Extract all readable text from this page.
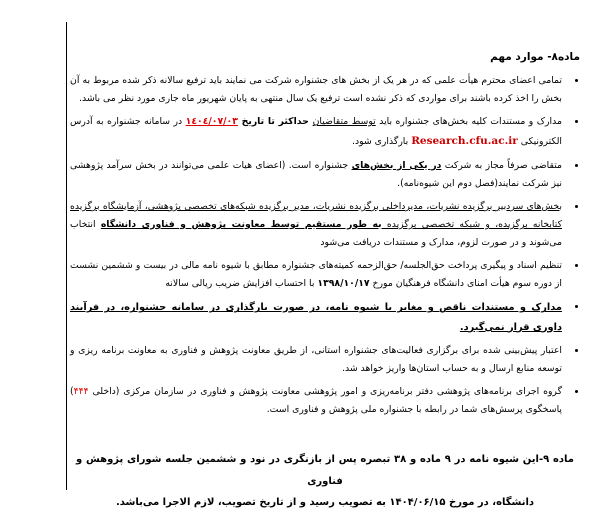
ماده۸- موارد مهم
تمامی اعضای محترم هیأت علمی که در هر یک از بخش های جشنواره شرکت می نمایند باید ترفیع سالانه ذکر شده مربوط به آن بخش را اخذ کرده باشند برای مواردی که ذکر نشده است ترفیع یک سال منتهی به پایان شهریور ماه جاری مورد نظر می باشد.
مدارک و مستندات کلیه بخش‌های جشنواره باید توسط متقاضیان حداکثر تا تاریخ ۱٤۰٤/۰۷/۰۳ در سامانه جشنواره به آدرس الکترونیکی Research.cfu.ac.ir بارگذاری شود.
متقاضی صرفاً مجاز به شرکت در یکی از بخش‌های جشنواره است. (اعضای هیات علمی می‌توانند در بخش سرآمد پژوهشی نیز شرکت نمایند(فصل دوم این شیوه‌نامه).
بخش‌های سردبیر برگزیده نشریات، مدیرداخلی برگزیده نشریات، مدیر برگزیده شبکه‌های تخصصی پژوهشی، آزمایشگاه برگزیده کتابخانه برگزیده، و شبکه تخصصی برگزیده به طور مستقیم توسط معاونت پژوهش و فناوری دانشگاه انتخاب می‌شوند و در صورت لزوم، مدارک و مستندات دریافت می‌شود
تنظیم اسناد و پیگیری پرداخت حق‌الجلسه/ حق‌الزحمه کمیته‌های جشنواره مطابق با شیوه نامه مالی در بیست و ششمین نشست از دوره سوم هیأت امنای دانشگاه فرهنگیان مورخ ۱۳۹۸/۱۰/۱۷ با احتساب افزایش ضریب ریالی سالانه
مدارک و مستندات ناقص و مغایر با شیوه نامه، در صورت بارگذاری در سامانه جشنواره، در فرآیند داوری قرار نمی‌گیرد.
اعتبار پیش‌بینی شده برای برگزاری فعالیت‌های جشنواره استانی، از طریق معاونت پژوهش و فناوری به معاونت برنامه ریزی و توسعه منابع ارسال و به حساب استان‌ها واریز خواهد شد.
گروه اجرای برنامه‌های پژوهشی دفتر برنامه‌ریزی و امور پژوهشی معاونت پژوهش و فناوری در سازمان مرکزی (داخلی ۴۴۴) پاسخگوی پرسش‌های شما در رابطه با جشنواره ملی پژوهش و فناوری است.

ماده ۹-این شیوه نامه در ۹ ماده و ۳۸ تبصره پس از بازنگری در نود و ششمین جلسه شورای پژوهش و فناوری

دانشگاه، در مورخ ۱۴۰۴/۰۶/۱۵ به تصویب رسید و از تاریخ تصویب، لازم الاجرا می‌باشد.
